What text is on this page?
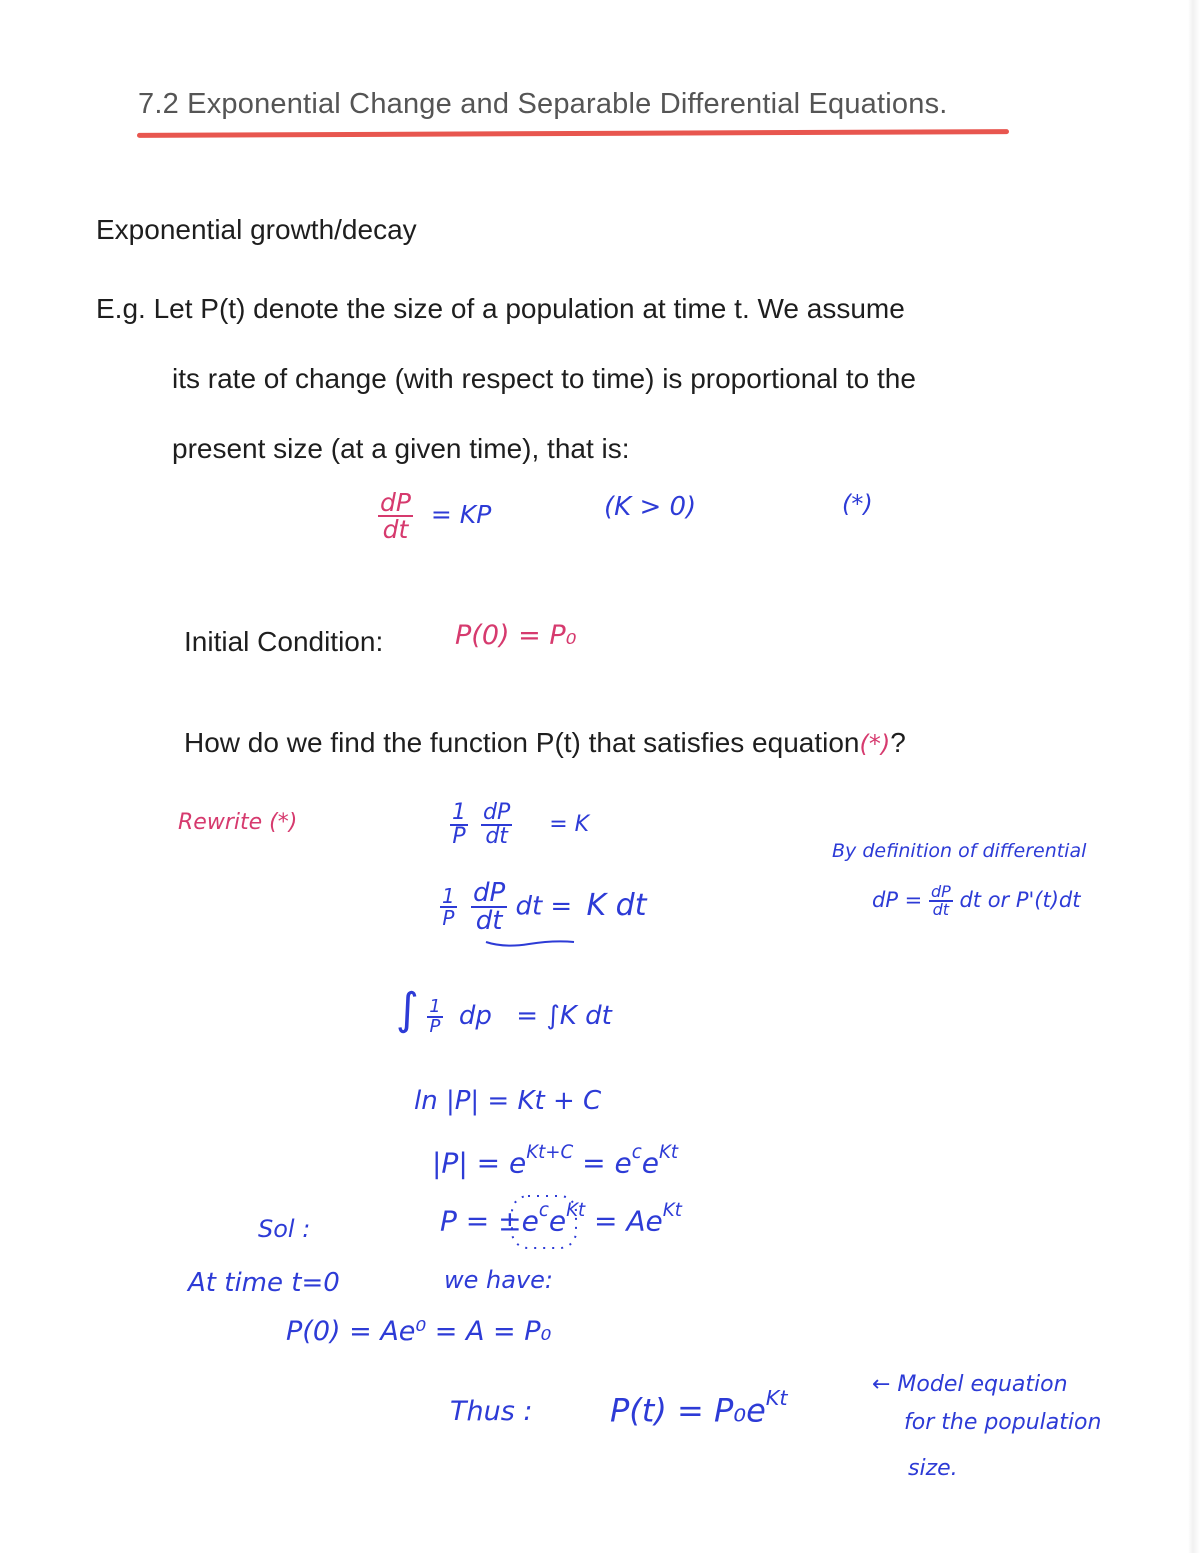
7.2 Exponential Change and Separable Differential Equations.
Exponential growth/decay
E.g. Let P(t) denote the size of a population at time t. We assume
its rate of change (with respect to time) is proportional to the
present size (at a given time), that is:
$\frac{dP}{dt}$ = KP	(K > 0)	(*)
Initial Condition:	P(0) = P₀
How do we find the function P(t) that satisfies equation(*)?
Rewrite (*)	$\frac{1}{P}$
$\frac{dP}{dt} = K$
$\frac{1}{P}$
$\frac{dP}{dt}$ dt = K dt
∫ $\frac{1}{P}$ dp = ∫K dt
ln |P| = Kt + C
$|P| = e^{Kt+C} = e^ce^{Kt}$
$P = \pm e^ce^{Kt} = Ae^{Kt}$
By definition of differential
dP = $\frac{dP}{dt}$ dt or P'(t)dt
Sol :
At time t=0	we have:
P(0) = Ae⁰ = A = P₀
Thus : $P(t) = P_0e^{Kt}$
← Model equation
for the population
size.
